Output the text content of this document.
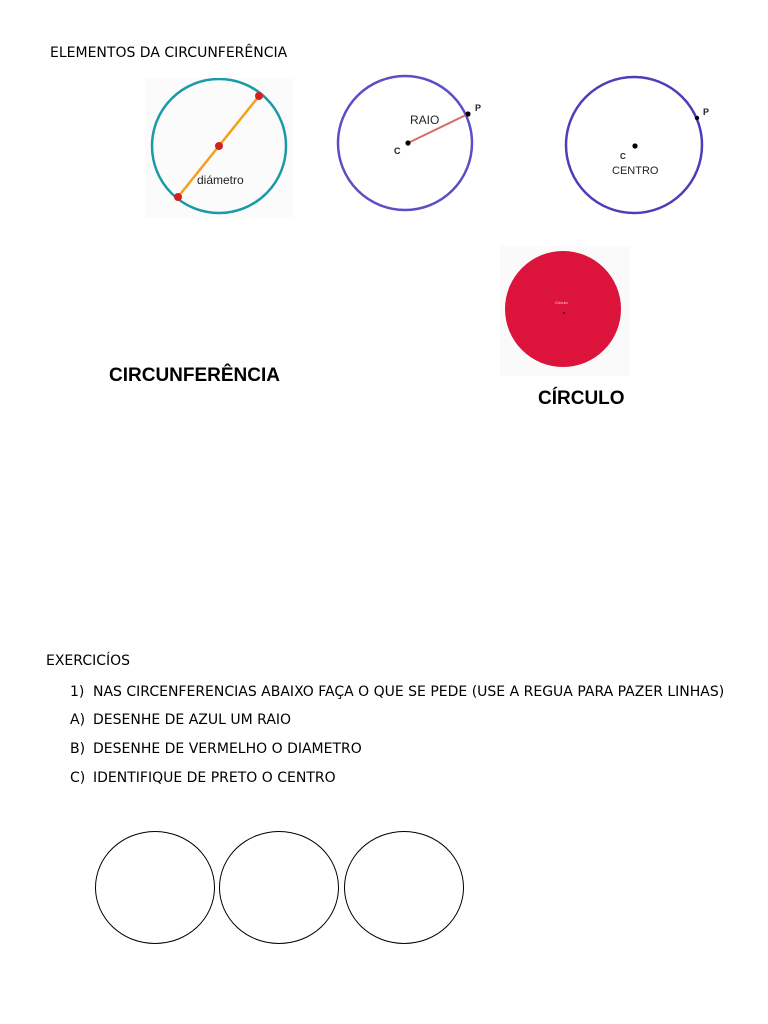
ELEMENTOS DA CIRCUNFERÊNCIA
diámetro
RAIO
C
P
CENTRO
C
P
Círculo
CIRCUNFERÊNCIA
CÍRCULO
EXERCICÍOS
1) NAS CIRCENFERENCIAS ABAIXO FAÇA O QUE SE PEDE (USE A REGUA PARA PAZER LINHAS)
A) DESENHE DE AZUL UM RAIO
B) DESENHE DE VERMELHO O DIAMETRO
C) IDENTIFIQUE DE PRETO O CENTRO
